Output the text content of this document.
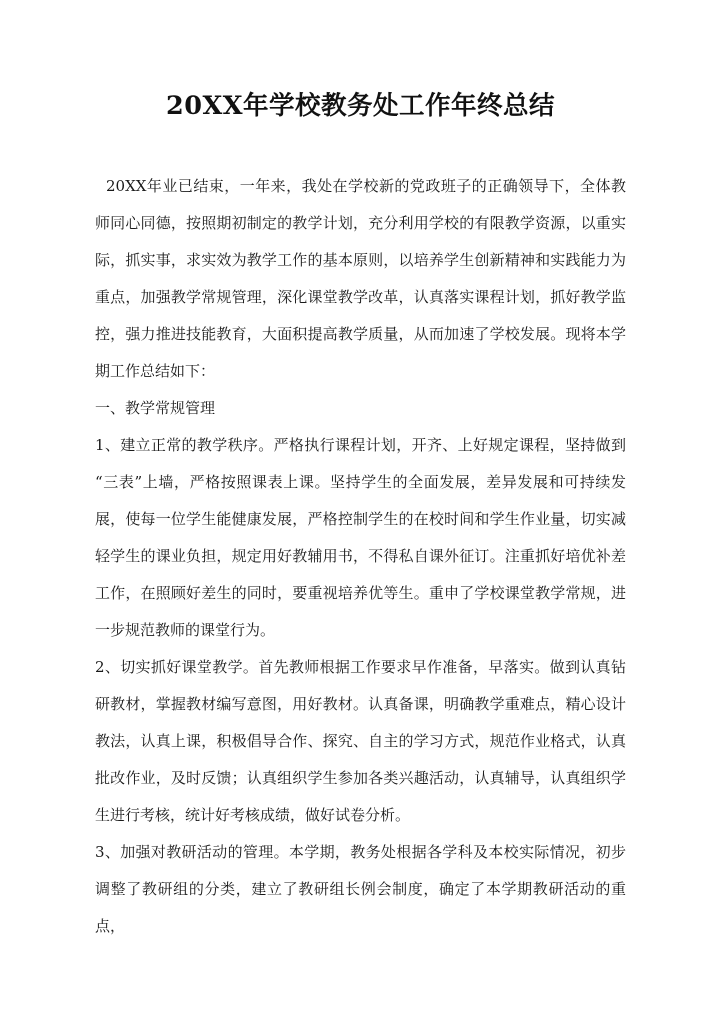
20XX年学校教务处工作年终总结

20XX年业已结束，一年来，我处在学校新的党政班子的正确领导下，全体教师同心同德，按照期初制定的教学计划，充分利用学校的有限教学资源，以重实际，抓实事，求实效为教学工作的基本原则，以培养学生创新精神和实践能力为重点，加强教学常规管理，深化课堂教学改革，认真落实课程计划，抓好教学监控，强力推进技能教育，大面积提高教学质量，从而加速了学校发展。现将本学期工作总结如下：

一、教学常规管理

1、建立正常的教学秩序。严格执行课程计划，开齐、上好规定课程，坚持做到“三表”上墙，严格按照课表上课。坚持学生的全面发展，差异发展和可持续发展，使每一位学生能健康发展，严格控制学生的在校时间和学生作业量，切实减轻学生的课业负担，规定用好教辅用书，不得私自课外征订。注重抓好培优补差工作，在照顾好差生的同时，要重视培养优等生。重申了学校课堂教学常规，进一步规范教师的课堂行为。

2、切实抓好课堂教学。首先教师根据工作要求早作准备，早落实。做到认真钻研教材，掌握教材编写意图，用好教材。认真备课，明确教学重难点，精心设计教法，认真上课，积极倡导合作、探究、自主的学习方式，规范作业格式，认真批改作业，及时反馈；认真组织学生参加各类兴趣活动，认真辅导，认真组织学生进行考核，统计好考核成绩，做好试卷分析。

3、加强对教研活动的管理。本学期，教务处根据各学科及本校实际情况，初步调整了教研组的分类，建立了教研组长例会制度，确定了本学期教研活动的重点，
